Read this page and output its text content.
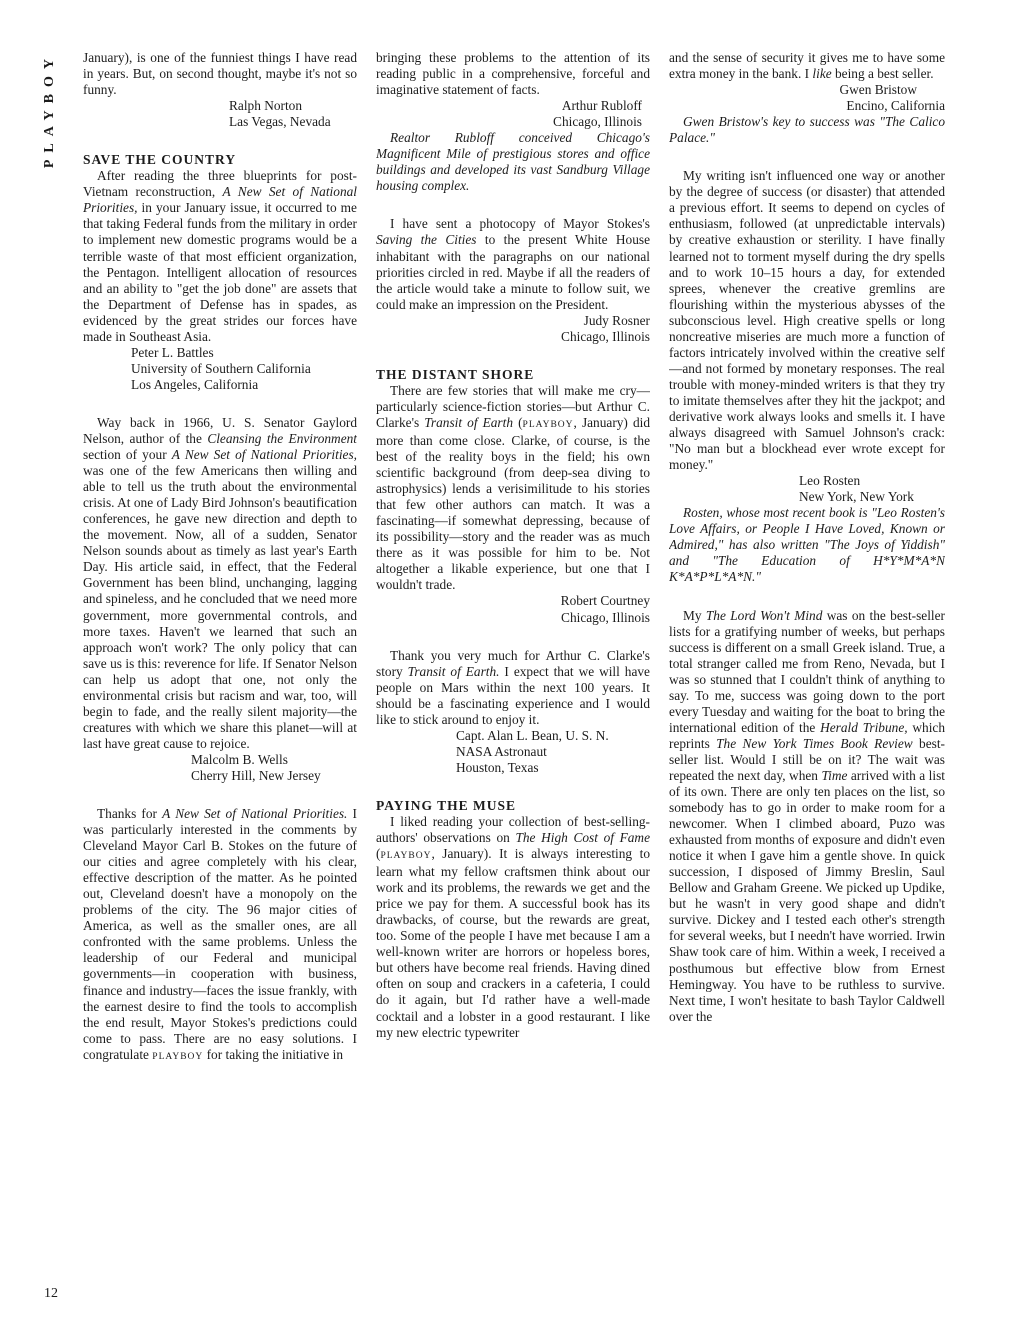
PLAYBOY
12

January), is one of the funniest things I have read in years. But, on second thought, maybe it's not so funny.

Ralph Norton
Las Vegas, Nevada
SAVE THE COUNTRY

After reading the three blueprints for post-Vietnam reconstruction, A New Set of National Priorities, in your January issue, it occurred to me that taking Federal funds from the military in order to implement new domestic programs would be a terrible waste of that most efficient organization, the Pentagon. Intelligent allocation of resources and an ability to "get the job done" are assets that the Department of Defense has in spades, as evidenced by the great strides our forces have made in Southeast Asia.

Peter L. Battles
University of Southern California
Los Angeles, California

Way back in 1966, U. S. Senator Gaylord Nelson, author of the Cleansing the Environment section of your A New Set of National Priorities, was one of the few Americans then willing and able to tell us the truth about the environmental crisis. At one of Lady Bird Johnson's beautification conferences, he gave new direction and depth to the movement. Now, all of a sudden, Senator Nelson sounds about as timely as last year's Earth Day. His article said, in effect, that the Federal Government has been blind, unchanging, lagging and spineless, and he concluded that we need more government, more governmental controls, and more taxes. Haven't we learned that such an approach won't work? The only policy that can save us is this: reverence for life. If Senator Nelson can help us adopt that one, not only the environmental crisis but racism and war, too, will begin to fade, and the really silent majority—the creatures with which we share this planet—will at last have great cause to rejoice.

Malcolm B. Wells
Cherry Hill, New Jersey

Thanks for A New Set of National Priorities. I was particularly interested in the comments by Cleveland Mayor Carl B. Stokes on the future of our cities and agree completely with his clear, effective description of the matter. As he pointed out, Cleveland doesn't have a monopoly on the problems of the city. The 96 major cities of America, as well as the smaller ones, are all confronted with the same problems. Unless the leadership of our Federal and municipal governments—in cooperation with business, finance and industry—faces the issue frankly, with the earnest desire to find the tools to accomplish the end result, Mayor Stokes's predictions could come to pass. There are no easy solutions. I congratulate PLAYBOY for taking the initiative in

bringing these problems to the attention of its reading public in a comprehensive, forceful and imaginative statement of facts.

Arthur Rubloff
Chicago, Illinois

Realtor Rubloff conceived Chicago's Magnificent Mile of prestigious stores and office buildings and developed its vast Sandburg Village housing complex.

I have sent a photocopy of Mayor Stokes's Saving the Cities to the present White House inhabitant with the paragraphs on our national priorities circled in red. Maybe if all the readers of the article would take a minute to follow suit, we could make an impression on the President.

Judy Rosner
Chicago, Illinois
THE DISTANT SHORE

There are few stories that will make me cry—particularly science-fiction stories—but Arthur C. Clarke's Transit of Earth (PLAYBOY, January) did more than come close. Clarke, of course, is the best of the reality boys in the field; his own scientific background (from deep-sea diving to astrophysics) lends a verisimilitude to his stories that few other authors can match. It was a fascinating—if somewhat depressing, because of its possibility—story and the reader was as much there as it was possible for him to be. Not altogether a likable experience, but one that I wouldn't trade.

Robert Courtney
Chicago, Illinois

Thank you very much for Arthur C. Clarke's story Transit of Earth. I expect that we will have people on Mars within the next 100 years. It should be a fascinating experience and I would like to stick around to enjoy it.

Capt. Alan L. Bean, U. S. N.
NASA Astronaut
Houston, Texas
PAYING THE MUSE

I liked reading your collection of best-selling-authors' observations on The High Cost of Fame (PLAYBOY, January). It is always interesting to learn what my fellow craftsmen think about our work and its problems, the rewards we get and the price we pay for them. A successful book has its drawbacks, of course, but the rewards are great, too. Some of the people I have met because I am a well-known writer are horrors or hopeless bores, but others have become real friends. Having dined often on soup and crackers in a cafeteria, I could do it again, but I'd rather have a well-made cocktail and a lobster in a good restaurant. I like my new electric typewriter

and the sense of security it gives me to have some extra money in the bank. I like being a best seller.

Gwen Bristow
Encino, California

Gwen Bristow's key to success was "The Calico Palace."

My writing isn't influenced one way or another by the degree of success (or disaster) that attended a previous effort. It seems to depend on cycles of enthusiasm, followed (at unpredictable intervals) by creative exhaustion or sterility. I have finally learned not to torment myself during the dry spells and to work 10–15 hours a day, for extended sprees, whenever the creative gremlins are flourishing within the mysterious abysses of the subconscious level. High creative spells or long noncreative miseries are much more a function of factors intricately involved within the creative self—and not formed by monetary responses. The real trouble with money-minded writers is that they try to imitate themselves after they hit the jackpot; and derivative work always looks and smells it. I have always disagreed with Samuel Johnson's crack: "No man but a blockhead ever wrote except for money."

Leo Rosten
New York, New York

Rosten, whose most recent book is "Leo Rosten's Love Affairs, or People I Have Loved, Known or Admired," has also written "The Joys of Yiddish" and "The Education of H*Y*M*A*N K*A*P*L*A*N."

My The Lord Won't Mind was on the best-seller lists for a gratifying number of weeks, but perhaps success is different on a small Greek island. True, a total stranger called me from Reno, Nevada, but I was so stunned that I couldn't think of anything to say. To me, success was going down to the port every Tuesday and waiting for the boat to bring the international edition of the Herald Tribune, which reprints The New York Times Book Review best-seller list. Would I still be on it? The wait was repeated the next day, when Time arrived with a list of its own. There are only ten places on the list, so somebody has to go in order to make room for a newcomer. When I climbed aboard, Puzo was exhausted from months of exposure and didn't even notice it when I gave him a gentle shove. In quick succession, I disposed of Jimmy Breslin, Saul Bellow and Graham Greene. We picked up Updike, but he wasn't in very good shape and didn't survive. Dickey and I tested each other's strength for several weeks, but I needn't have worried. Irwin Shaw took care of him. Within a week, I received a posthumous but effective blow from Ernest Hemingway. You have to be ruthless to survive. Next time, I won't hesitate to bash Taylor Caldwell over the
